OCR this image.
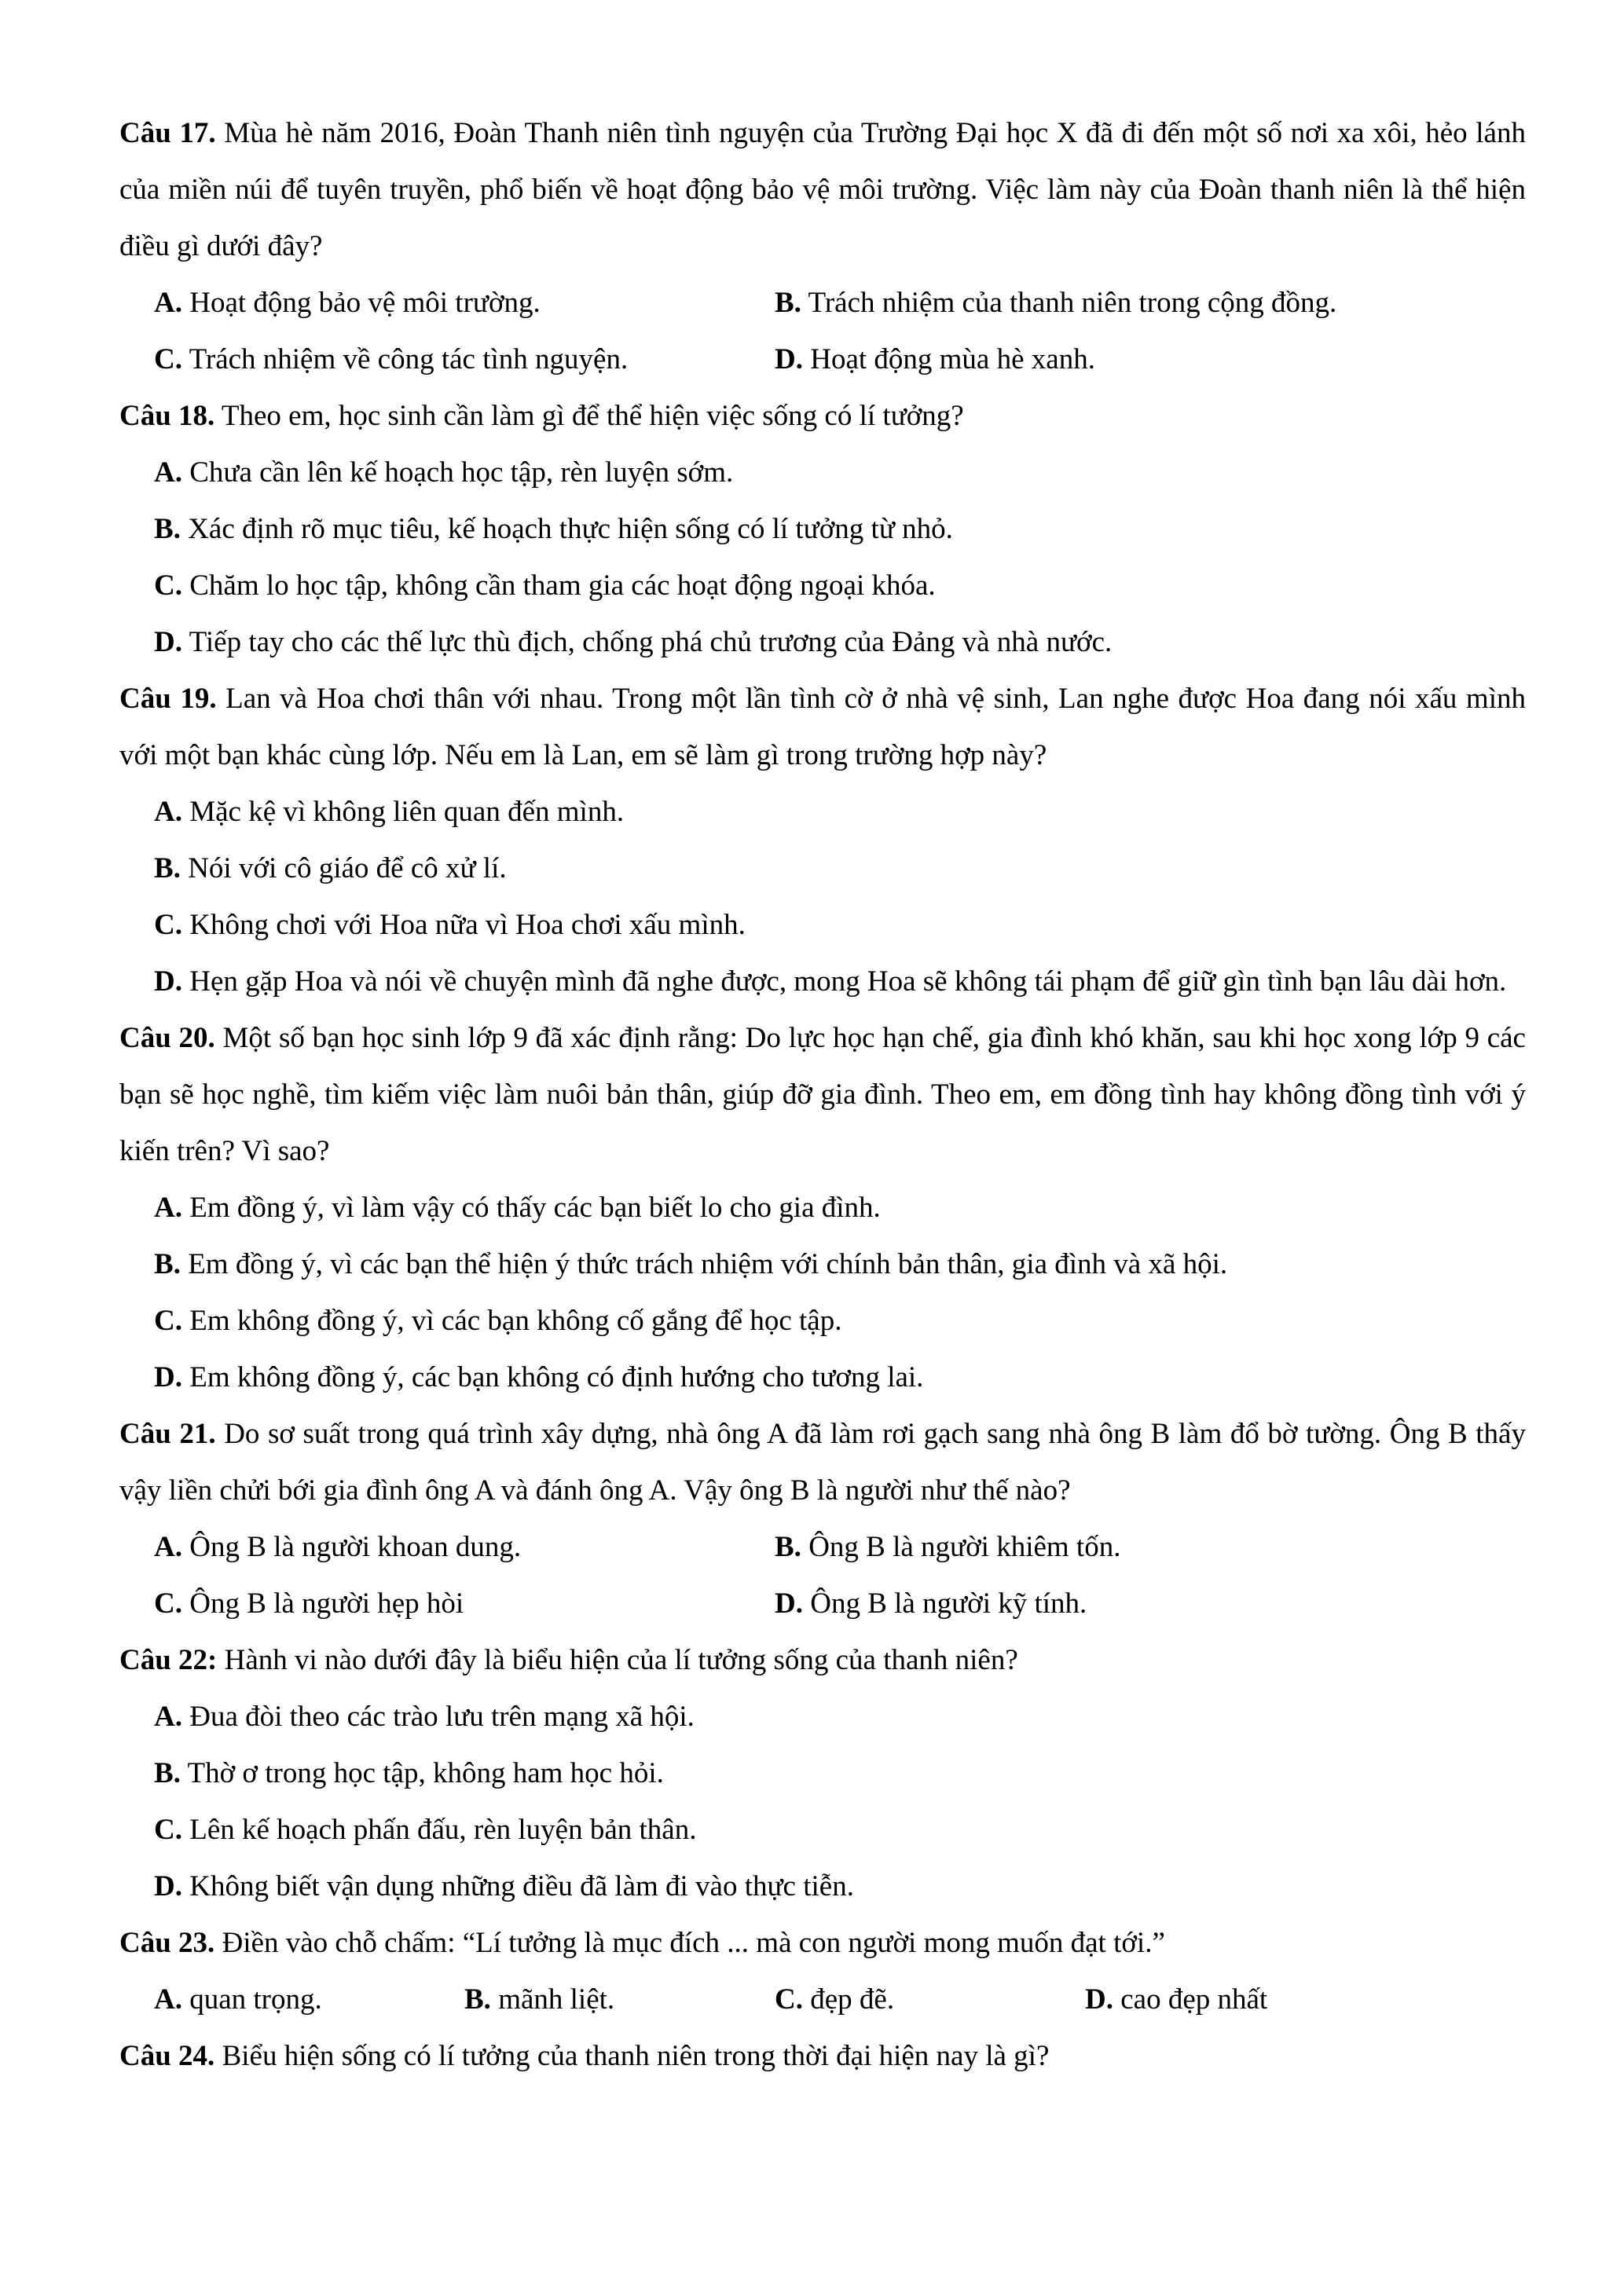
Câu 17. Mùa hè năm 2016, Đoàn Thanh niên tình nguyện của Trường Đại học X đã đi đến một số nơi xa xôi, hẻo lánh của miền núi để tuyên truyền, phổ biến về hoạt động bảo vệ môi trường. Việc làm này của Đoàn thanh niên là thể hiện điều gì dưới đây?

A. Hoạt động bảo vệ môi trường.	B. Trách nhiệm của thanh niên trong cộng đồng.
C. Trách nhiệm về công tác tình nguyện.	D. Hoạt động mùa hè xanh.

Câu 18. Theo em, học sinh cần làm gì để thể hiện việc sống có lí tưởng?

A. Chưa cần lên kế hoạch học tập, rèn luyện sớm.
B. Xác định rõ mục tiêu, kế hoạch thực hiện sống có lí tưởng từ nhỏ.
C. Chăm lo học tập, không cần tham gia các hoạt động ngoại khóa.
D. Tiếp tay cho các thế lực thù địch, chống phá chủ trương của Đảng và nhà nước.

Câu 19. Lan và Hoa chơi thân với nhau. Trong một lần tình cờ ở nhà vệ sinh, Lan nghe được Hoa đang nói xấu mình với một bạn khác cùng lớp. Nếu em là Lan, em sẽ làm gì trong trường hợp này?

A. Mặc kệ vì không liên quan đến mình.
B. Nói với cô giáo để cô xử lí.
C. Không chơi với Hoa nữa vì Hoa chơi xấu mình.
D. Hẹn gặp Hoa và nói về chuyện mình đã nghe được, mong Hoa sẽ không tái phạm để giữ gìn tình bạn lâu dài hơn.

Câu 20. Một số bạn học sinh lớp 9 đã xác định rằng: Do lực học hạn chế, gia đình khó khăn, sau khi học xong lớp 9 các bạn sẽ học nghề, tìm kiếm việc làm nuôi bản thân, giúp đỡ gia đình. Theo em, em đồng tình hay không đồng tình với ý kiến trên? Vì sao?

A. Em đồng ý, vì làm vậy có thấy các bạn biết lo cho gia đình.
B. Em đồng ý, vì các bạn thể hiện ý thức trách nhiệm với chính bản thân, gia đình và xã hội.
C. Em không đồng ý, vì các bạn không cố gắng để học tập.
D. Em không đồng ý, các bạn không có định hướng cho tương lai.

Câu 21. Do sơ suất trong quá trình xây dựng, nhà ông A đã làm rơi gạch sang nhà ông B làm đổ bờ tường. Ông B thấy vậy liền chửi bới gia đình ông A và đánh ông A. Vậy ông B là người như thế nào?

A. Ông B là người khoan dung.	B. Ông B là người khiêm tốn.
C. Ông B là người hẹp hòi	D. Ông B là người kỹ tính.

Câu 22: Hành vi nào dưới đây là biểu hiện của lí tưởng sống của thanh niên?

A. Đua đòi theo các trào lưu trên mạng xã hội.
B. Thờ ơ trong học tập, không ham học hỏi.
C. Lên kế hoạch phấn đấu, rèn luyện bản thân.
D. Không biết vận dụng những điều đã làm đi vào thực tiễn.

Câu 23. Điền vào chỗ chấm: “Lí tưởng là mục đích ... mà con người mong muốn đạt tới.”

A. quan trọng.	B. mãnh liệt.	C. đẹp đẽ.	D. cao đẹp nhất

Câu 24. Biểu hiện sống có lí tưởng của thanh niên trong thời đại hiện nay là gì?
